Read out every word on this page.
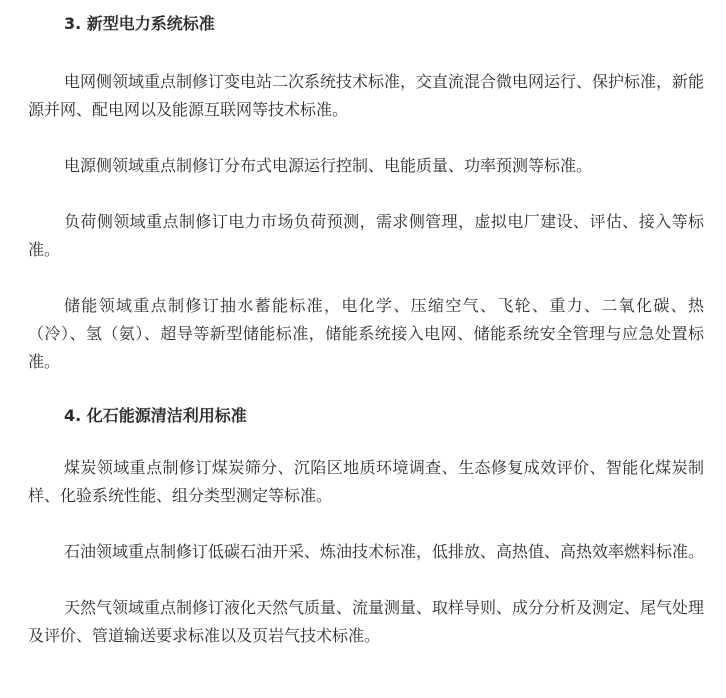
3. 新型电力系统标准

电网侧领域重点制修订变电站二次系统技术标准，交直流混合微电网运行、保护标准，新能源并网、配电网以及能源互联网等技术标准。

电源侧领域重点制修订分布式电源运行控制、电能质量、功率预测等标准。

负荷侧领域重点制修订电力市场负荷预测，需求侧管理，虚拟电厂建设、评估、接入等标准。

储能领域重点制修订抽水蓄能标准，电化学、压缩空气、飞轮、重力、二氧化碳、热（冷）、氢（氨）、超导等新型储能标准，储能系统接入电网、储能系统安全管理与应急处置标准。

4. 化石能源清洁利用标准

煤炭领域重点制修订煤炭筛分、沉陷区地质环境调查、生态修复成效评价、智能化煤炭制样、化验系统性能、组分类型测定等标准。

石油领域重点制修订低碳石油开采、炼油技术标准，低排放、高热值、高热效率燃料标准。

天然气领域重点制修订液化天然气质量、流量测量、取样导则、成分分析及测定、尾气处理及评价、管道输送要求标准以及页岩气技术标准。
